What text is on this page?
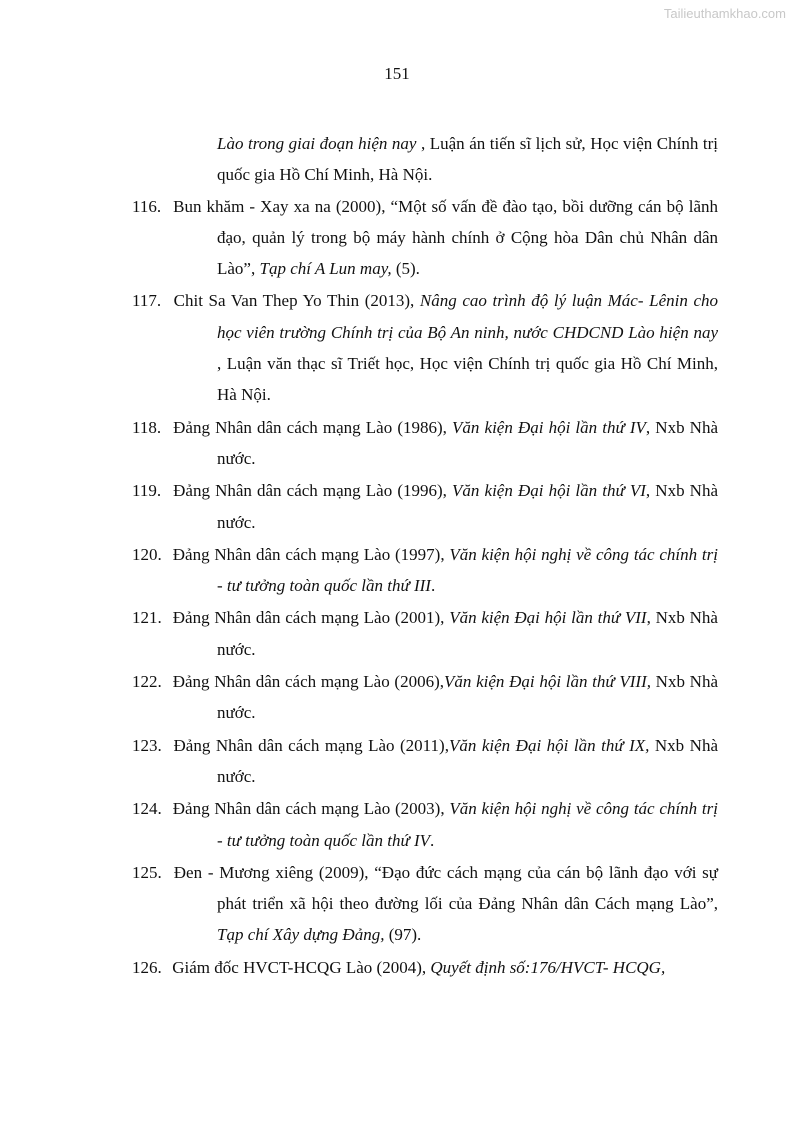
Tailieuthamkhao.com
151
Lào trong giai đoạn hiện nay , Luận án tiến sĩ lịch sử, Học viện Chính trị quốc gia Hồ Chí Minh, Hà Nội.
116. Bun khăm - Xay xa na (2000), “Một số vấn đề đào tạo, bồi dưỡng cán bộ lãnh đạo, quản lý trong bộ máy hành chính ở Cộng hòa Dân chủ Nhân dân Lào”, Tạp chí A Lun may, (5).
117. Chit Sa Van Thep Yo Thin (2013), Nâng cao trình độ lý luận Mác- Lênin cho học viên trường Chính trị của Bộ An ninh, nước CHDCND Lào hiện nay , Luận văn thạc sĩ Triết học, Học viện Chính trị quốc gia Hồ Chí Minh, Hà Nội.
118. Đảng Nhân dân cách mạng Lào (1986), Văn kiện Đại hội lần thứ IV, Nxb Nhà nước.
119. Đảng Nhân dân cách mạng Lào (1996), Văn kiện Đại hội lần thứ VI, Nxb Nhà nước.
120. Đảng Nhân dân cách mạng Lào (1997), Văn kiện hội nghị về công tác chính trị - tư tưởng toàn quốc lần thứ III.
121. Đảng Nhân dân cách mạng Lào (2001), Văn kiện Đại hội lần thứ VII, Nxb Nhà nước.
122. Đảng Nhân dân cách mạng Lào (2006),Văn kiện Đại hội lần thứ VIII, Nxb Nhà nước.
123. Đảng Nhân dân cách mạng Lào (2011),Văn kiện Đại hội lần thứ IX, Nxb Nhà nước.
124. Đảng Nhân dân cách mạng Lào (2003), Văn kiện hội nghị về công tác chính trị - tư tưởng toàn quốc lần thứ IV.
125. Đen - Mương xiêng (2009), “Đạo đức cách mạng của cán bộ lãnh đạo với sự phát triển xã hội theo đường lối của Đảng Nhân dân Cách mạng Lào”, Tạp chí Xây dựng Đảng, (97).
126. Giám đốc HVCT-HCQG Lào (2004), Quyết định số:176/HVCT- HCQG,
